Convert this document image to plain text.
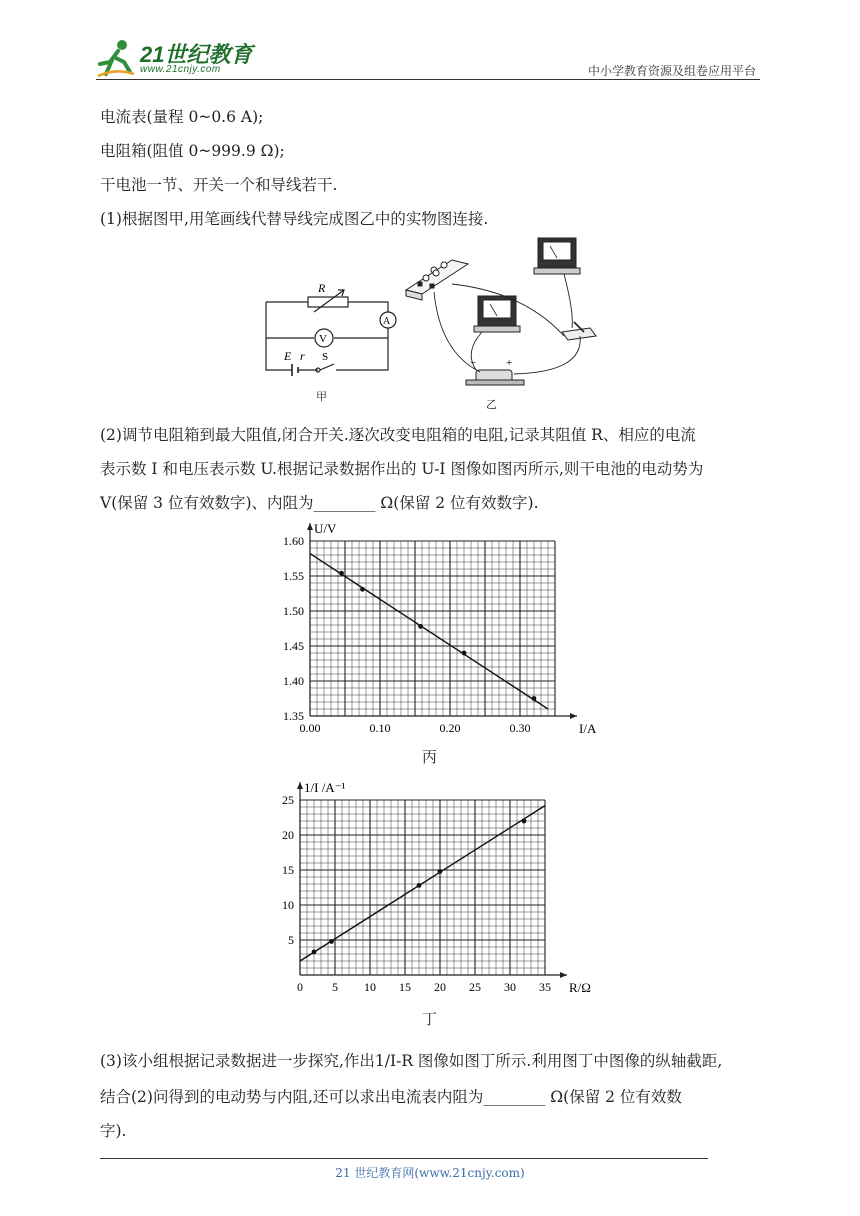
21世纪教育
www.21cnjy.com	中小学教育资源及组卷应用平台
电流表(量程 0~0.6 A);
电阻箱(阻值 0~999.9 Ω);
干电池一节、开关一个和导线若干.
(1)根据图甲,用笔画线代替导线完成图乙中的实物图连接.
R
V
A
E r S
甲
−	+
乙
(2)调节电阻箱到最大阻值,闭合开关.逐次改变电阻箱的电阻,记录其阻值 R、相应的电流
表示数 I 和电压表示数 U.根据记录数据作出的 U-I 图像如图丙所示,则干电池的电动势为
V(保留 3 位有效数字)、内阻为________ Ω(保留 2 位有效数字).
0.00	0.10	0.20	0.30
1.35
1.40
1.45
1.50
1.55
1.60
I/A
U/V
丙
0 5 10 15 20 25 30 35
5
10
15
20
25
R/Ω
1/I /A⁻¹
丁
(3)该小组根据记录数据进一步探究,作出1/I-R 图像如图丁所示.利用图丁中图像的纵轴截距,
结合(2)问得到的电动势与内阻,还可以求出电流表内阻为________ Ω(保留 2 位有效数
字).
21 世纪教育网(www.21cnjy.com)
